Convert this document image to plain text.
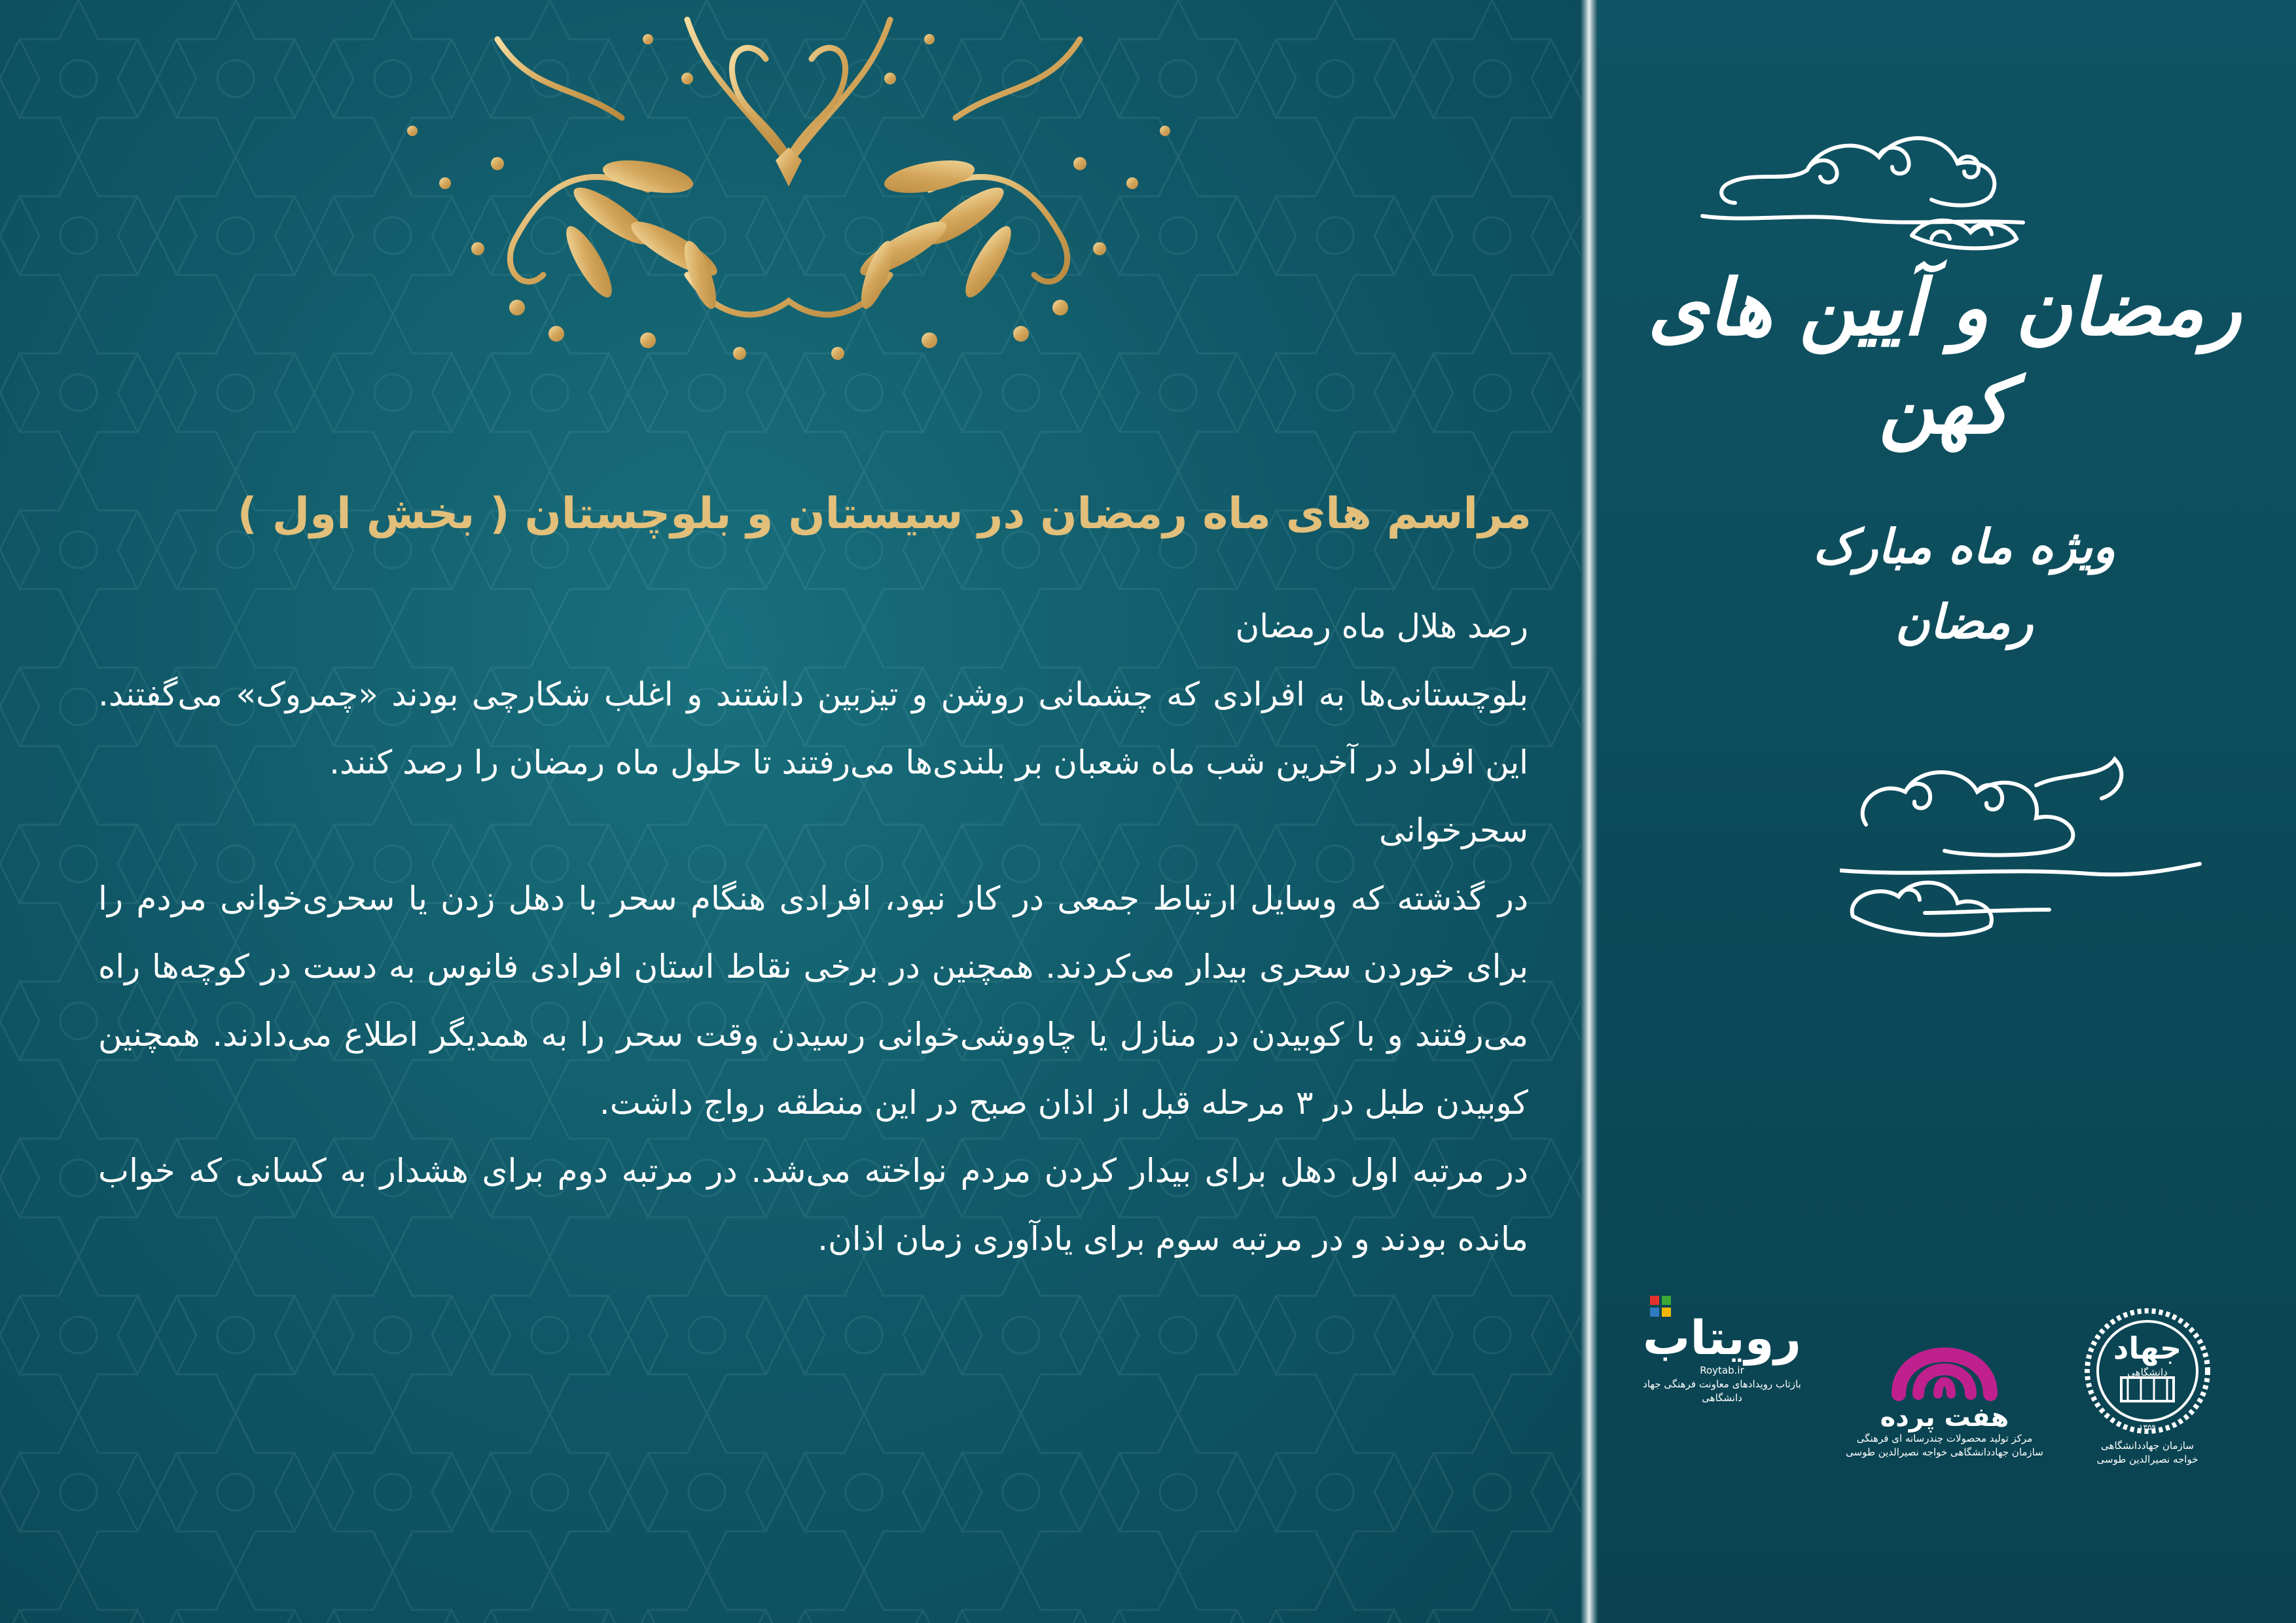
مراسم های ماه رمضان در سیستان و بلوچستان ( بخش اول )

رصد هلال ماه رمضان

بلوچستانی‌ها به افرادی که چشمانی روشن و تیزبین داشتند و اغلب شکارچی بودند «چمروک» می‌گفتند. این افراد در آخرین شب ماه شعبان بر بلندی‌ها می‌رفتند تا حلول ماه رمضان را رصد کنند.

سحرخوانی

در گذشته که وسایل ارتباط جمعی در کار نبود، افرادی هنگام سحر با دهل زدن یا سحری‌خوانی مردم را برای خوردن سحری بیدار می‌کردند. همچنین در برخی نقاط استان افرادی فانوس به دست در کوچه‌ها راه می‌رفتند و با کوبیدن در منازل یا چاووشی‌خوانی رسیدن وقت سحر را به همدیگر اطلاع می‌دادند. همچنین کوبیدن طبل در ۳ مرحله قبل از اذان صبح در این منطقه رواج داشت.

در مرتبه اول دهل برای بیدار کردن مردم نواخته می‌شد. در مرتبه دوم برای هشدار به کسانی که خواب مانده بودند و در مرتبه سوم برای یادآوری زمان اذان.

رمضان و آیین های کهن
ویژه ماه مبارک
رمضان
رویتاب
Roytab.ir
بازتاب رویدادهای معاونت فرهنگی جهاد دانشگاهی
هفت پرده
مرکز تولید محصولات چندرسانه ای فرهنگی
سازمان جهاددانشگاهی خواجه نصیرالدین طوسی
جهاد
دانشگاهی
۱۳۵۹
سازمان جهاددانشگاهی
خواجه نصیرالدین طوسی
